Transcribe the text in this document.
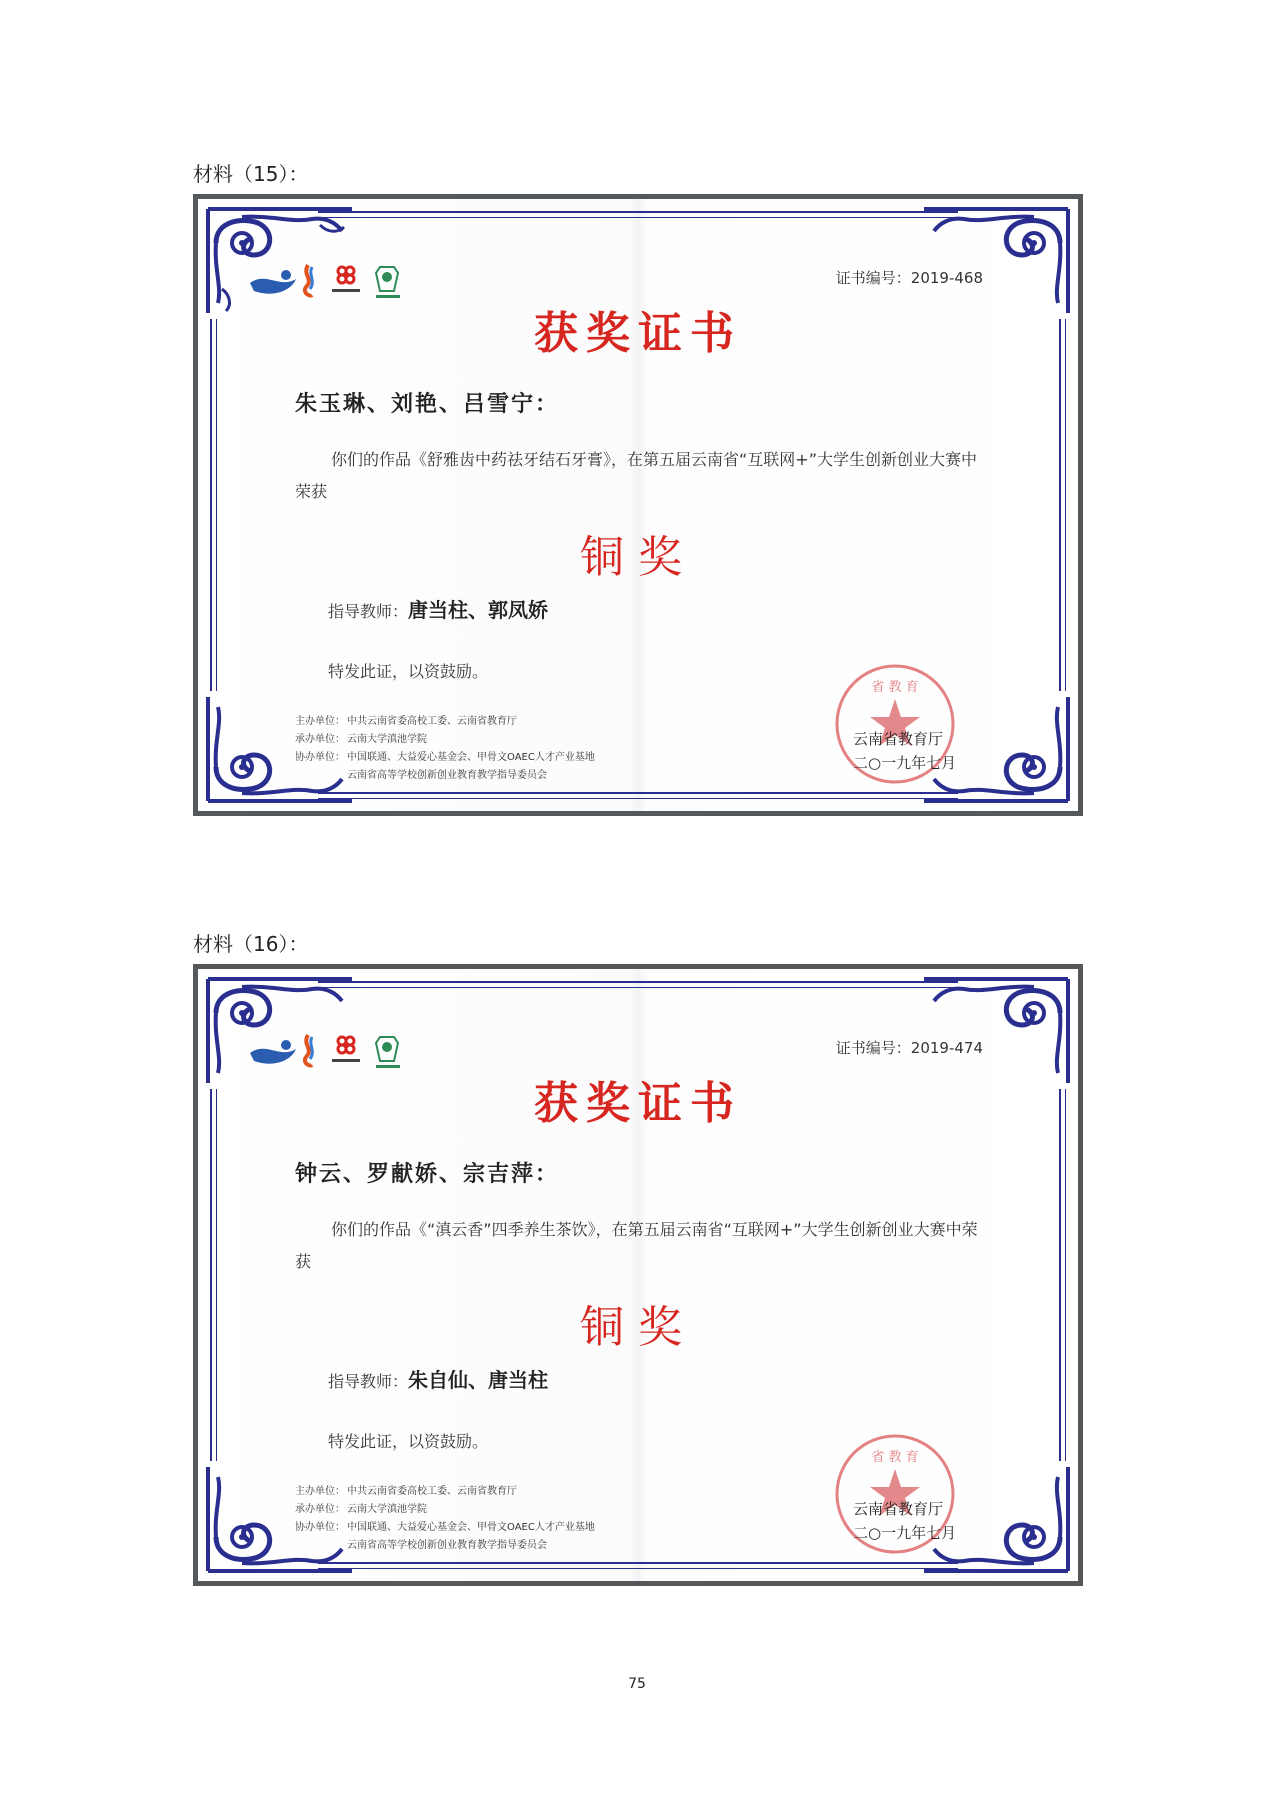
材料（15）：
证书编号：2019-468
获奖证书
朱玉琳、刘艳、吕雪宁：
你们的作品《舒雅齿中药祛牙结石牙膏》，在第五届云南省“互联网+”大学生创新创业大赛中荣获
铜奖
指导教师：唐当柱、郭凤娇
特发此证，以资鼓励。
主办单位： 中共云南省委高校工委、云南省教育厅
承办单位： 云南大学滇池学院
协办单位： 中国联通、大益爱心基金会、甲骨文OAEC人才产业基地
云南省高等学校创新创业教育教学指导委员会
省 教 育
云南省教育厅
二○一九年七月
材料（16）：
证书编号：2019-474
获奖证书
钟云、罗献娇、宗吉萍：
你们的作品《“滇云香”四季养生茶饮》，在第五届云南省“互联网+”大学生创新创业大赛中荣获
铜奖
指导教师：朱自仙、唐当柱
特发此证，以资鼓励。
主办单位： 中共云南省委高校工委、云南省教育厅
承办单位： 云南大学滇池学院
协办单位： 中国联通、大益爱心基金会、甲骨文OAEC人才产业基地
云南省高等学校创新创业教育教学指导委员会
省 教 育
云南省教育厅
二○一九年七月
75
